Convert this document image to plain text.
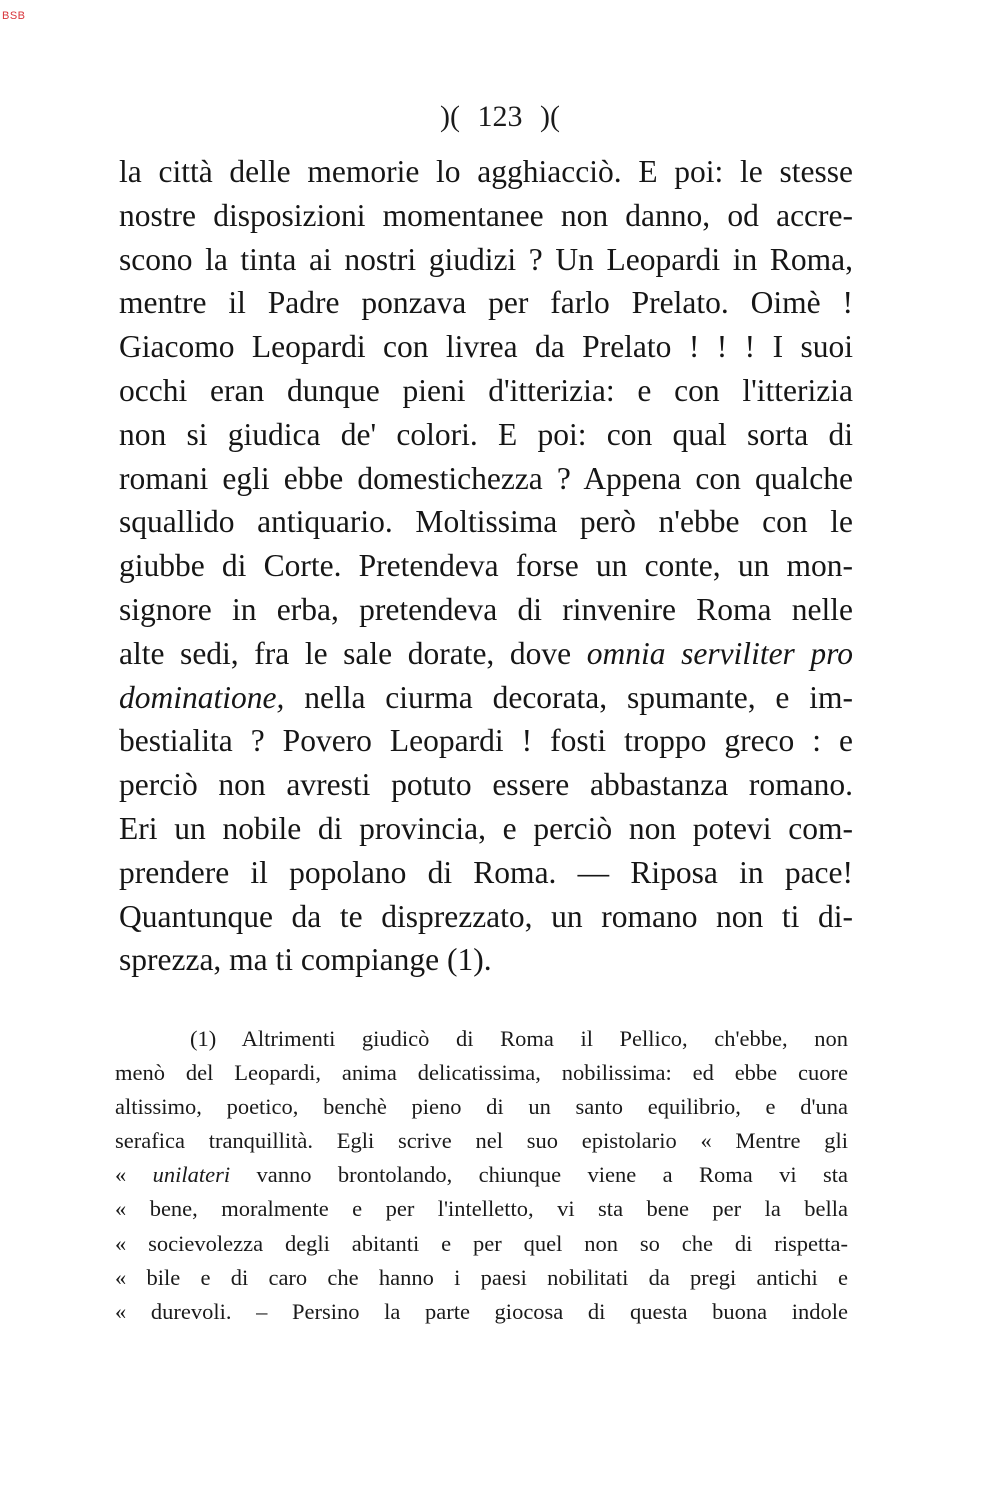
BSB
)( 123 )(
la città delle memorie lo agghiacciò. E poi: le stesse
nostre disposizioni momentanee non danno, od accre-
scono la tinta ai nostri giudizi ? Un Leopardi in Roma,
mentre il Padre ponzava per farlo Prelato. Oimè !
Giacomo Leopardi con livrea da Prelato ! ! ! I suoi
occhi eran dunque pieni d'itterizia: e con l'itterizia
non si giudica de' colori. E poi: con qual sorta di
romani egli ebbe domestichezza ? Appena con qualche
squallido antiquario. Moltissima però n'ebbe con le
giubbe di Corte. Pretendeva forse un conte, un mon-
signore in erba, pretendeva di rinvenire Roma nelle
alte sedi, fra le sale dorate, dove omnia serviliter pro
dominatione, nella ciurma decorata, spumante, e im-
bestialita ? Povero Leopardi ! fosti troppo greco : e
perciò non avresti potuto essere abbastanza romano.
Eri un nobile di provincia, e perciò non potevi com-
prendere il popolano di Roma. — Riposa in pace!
Quantunque da te disprezzato, un romano non ti di-
sprezza, ma ti compiange (1).
(1) Altrimenti giudicò di Roma il Pellico, ch'ebbe, non
menò del Leopardi, anima delicatissima, nobilissima: ed ebbe cuore
altissimo, poetico, benchè pieno di un santo equilibrio, e d'una
serafica tranquillità. Egli scrive nel suo epistolario « Mentre gli
« unilateri vanno brontolando, chiunque viene a Roma vi sta
« bene, moralmente e per l'intelletto, vi sta bene per la bella
« socievolezza degli abitanti e per quel non so che di rispetta-
« bile e di caro che hanno i paesi nobilitati da pregi antichi e
« durevoli. – Persino la parte giocosa di questa buona indole
